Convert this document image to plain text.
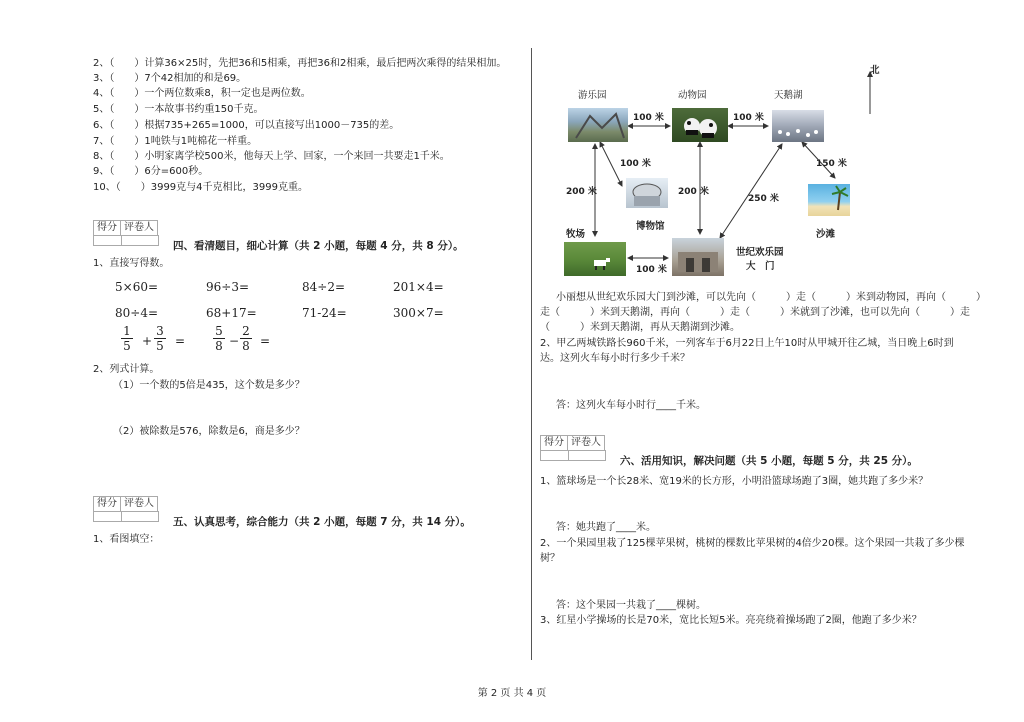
2、（　　）计算36×25时，先把36和5相乘，再把36和2相乘，最后把两次乘得的结果相加。
3、（　　）7个42相加的和是69。
4、（　　）一个两位数乘8，积一定也是两位数。
5、（　　）一本故事书约重150千克。
6、（　　）根据735+265=1000，可以直接写出1000－735的差。
7、（　　）1吨铁与1吨棉花一样重。
8、（　　）小明家离学校500米，他每天上学、回家，一个来回一共要走1千米。
9、（　　）6分=600秒。
10、（　　）3999克与4千克相比，3999克重。
得分 评卷人
四、看清题目，细心计算（共 2 小题，每题 4 分，共 8 分）。
1、直接写得数。
5×60=	96÷3=	84÷2=	201×4=
80÷4=	68+17=	71-24=	300×7=
1
5 +
3
5 =
5
8 −
2
8 =
2、列式计算。
（1）一个数的5倍是435，这个数是多少？
（2）被除数是576，除数是6，商是多少？
得分 评卷人
五、认真思考，综合能力（共 2 小题，每题 7 分，共 14 分）。
1、看图填空：
北
游乐园	动物园	天鹅湖
100 米	100 米
100 米	150 米
200 米	200 米
250 米
100 米
博物馆
沙滩
牧场
世纪欢乐园
大　门
小丽想从世纪欢乐园大门到沙滩，可以先向（　　　）走（　　　）米到动物园，再向（　　　）
走（　　　）米到天鹅湖，再向（　　　）走（　　　）米就到了沙滩，也可以先向（　　　）走
（　　　）米到天鹅湖，再从天鹅湖到沙滩。
2、甲乙两城铁路长960千米，一列客车于6月22日上午10时从甲城开往乙城，当日晚上6时到
达。这列火车每小时行多少千米？
答：这列火车每小时行____千米。
得分 评卷人
六、活用知识，解决问题（共 5 小题，每题 5 分，共 25 分）。
1、篮球场是一个长28米、宽19米的长方形，小明沿篮球场跑了3圈，她共跑了多少米？
答：她共跑了____米。
2、一个果园里栽了125棵苹果树，桃树的棵数比苹果树的4倍少20棵。这个果园一共栽了多少棵
树？
答：这个果园一共栽了____棵树。
3、红星小学操场的长是70米，宽比长短5米。亮亮绕着操场跑了2圈，他跑了多少米？
第 2 页 共 4 页
